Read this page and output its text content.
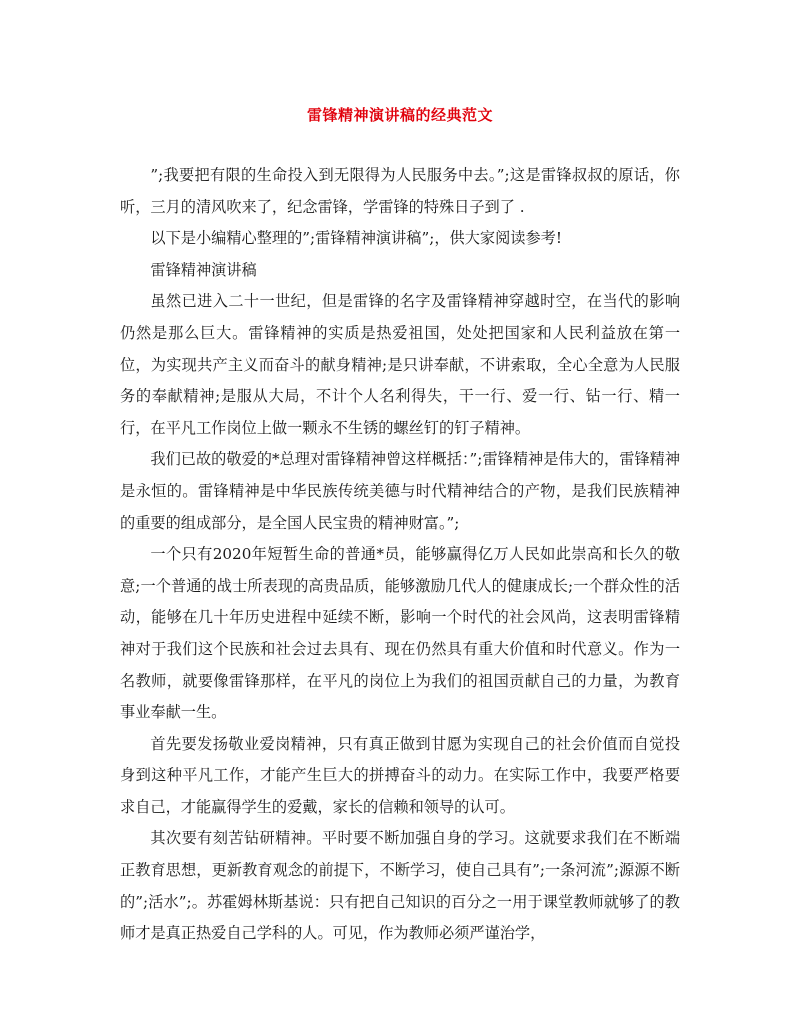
雷锋精神演讲稿的经典范文

”;我要把有限的生命投入到无限得为人民服务中去。”;这是雷锋叔叔的原话，你听，三月的清风吹来了，纪念雷锋，学雷锋的特殊日子到了 .

以下是小编精心整理的”;雷锋精神演讲稿”;，供大家阅读参考!

雷锋精神演讲稿

虽然已进入二十一世纪，但是雷锋的名字及雷锋精神穿越时空，在当代的影响仍然是那么巨大。雷锋精神的实质是热爱祖国，处处把国家和人民利益放在第一位，为实现共产主义而奋斗的献身精神;是只讲奉献，不讲索取，全心全意为人民服务的奉献精神;是服从大局，不计个人名利得失，干一行、爱一行、钻一行、精一行，在平凡工作岗位上做一颗永不生锈的螺丝钉的钉子精神。

我们已故的敬爱的*总理对雷锋精神曾这样概括：”;雷锋精神是伟大的，雷锋精神是永恒的。雷锋精神是中华民族传统美德与时代精神结合的产物，是我们民族精神的重要的组成部分，是全国人民宝贵的精神财富。”;

一个只有2020年短暂生命的普通*员，能够赢得亿万人民如此崇高和长久的敬意;一个普通的战士所表现的高贵品质，能够激励几代人的健康成长;一个群众性的活动，能够在几十年历史进程中延续不断，影响一个时代的社会风尚，这表明雷锋精神对于我们这个民族和社会过去具有、现在仍然具有重大价值和时代意义。作为一名教师，就要像雷锋那样，在平凡的岗位上为我们的祖国贡献自己的力量，为教育事业奉献一生。

首先要发扬敬业爱岗精神，只有真正做到甘愿为实现自己的社会价值而自觉投身到这种平凡工作，才能产生巨大的拼搏奋斗的动力。在实际工作中，我要严格要求自己，才能赢得学生的爱戴，家长的信赖和领导的认可。

其次要有刻苦钻研精神。平时要不断加强自身的学习。这就要求我们在不断端正教育思想，更新教育观念的前提下，不断学习，使自己具有”;一条河流”;源源不断的”;活水”;。苏霍姆林斯基说：只有把自己知识的百分之一用于课堂教师就够了的教师才是真正热爱自己学科的人。可见，作为教师必须严谨治学，
